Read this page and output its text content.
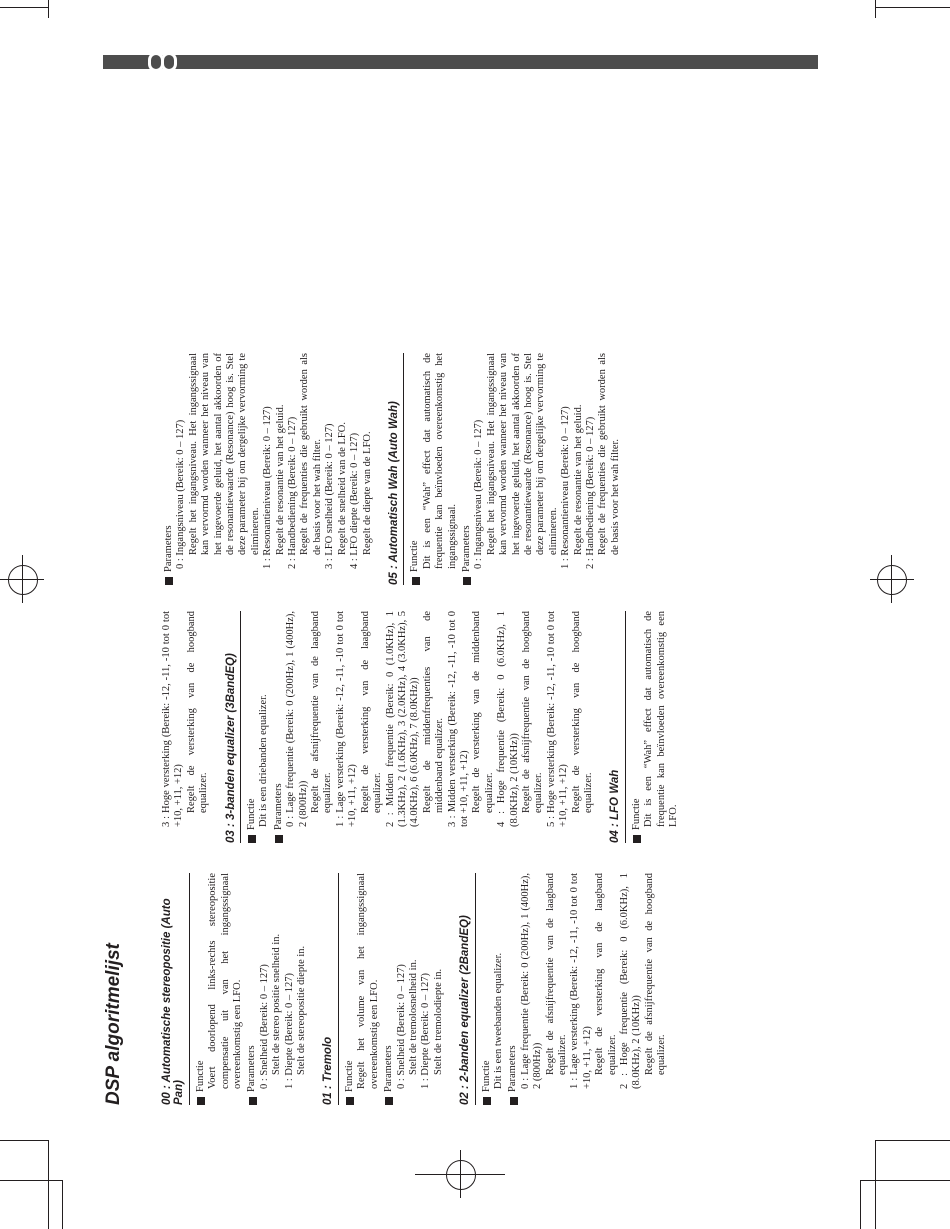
DSP algoritmelijst	00 : Automatische stereopositie (Auto Pan)
Functie Voert doorlopend links-rechts stereopositie compensatie uit van het ingangssignaal overeenkomstig een LFO. Parameters 0 : Snelheid (Bereik: 0 – 127) Stelt de stereo positie snelheid in. 1 : Diepte (Bereik: 0 – 127) Stelt de stereopositie diepte in. 01 : Tremolo Functie Regelt het volume van het ingangssignaal overeenkomstig een LFO. Parameters 0 : Snelheid (Bereik: 0 – 127) Stelt de tremolosnelheid in. 1 : Diepte (Bereik: 0 – 127) Stelt de tremolodiepte in. 02 : 2-banden equalizer (2BandEQ) Functie Dit is een tweebanden equalizer. Parameters 0 : Lage frequentie (Bereik: 0 (200Hz), 1 (400Hz), 2 (800Hz)) Regelt de afsnijfrequentie van de laagband equalizer. 1 : Lage versterking (Bereik: -12, -11, -10 tot 0 tot +10, +11, +12) Regelt de versterking van de laagband equalizer. 2 : Hoge frequentie (Bereik: 0 (6.0KHz), 1 (8.0KHz), 2 (10KHz)) Regelt de afsnijfrequentie van de hoogband equalizer.
3 : Hoge versterking (Bereik: -12, -11, -10 tot 0 tot +10, +11, +12) Regelt de versterking van de hoogband equalizer. 03 : 3-banden equalizer (3BandEQ) Functie Dit is een driebanden equalizer. Parameters 0 : Lage frequentie (Bereik: 0 (200Hz), 1 (400Hz), 2 (800Hz)) Regelt de afsnijfrequentie van de laagband equalizer. 1 : Lage versterking (Bereik: -12, -11, -10 tot 0 tot +10, +11, +12) Regelt de versterking van de laagband equalizer. 2 : Midden frequentie (Bereik: 0 (1.0KHz), 1 (1.3KHz), 2 (1.6KHz), 3 (2.0KHz), 4 (3.0KHz), 5 (4.0KHz), 6 (6.0KHz), 7 (8.0KHz)) Regelt de middenfrequenties van de middenband equalizer. 3 : Midden versterking (Bereik: -12, -11, -10 tot 0 tot +10, +11, +12) Regelt de versterking van de middenband equalizer. 4 : Hoge frequentie (Bereik: 0 (6.0KHz), 1 (8.0KHz), 2 (10KHz)) Regelt de afsnijfrequentie van de hoogband equalizer. 5 : Hoge versterking (Bereik: -12, -11, -10 tot 0 tot +10, +11, +12) Regelt de versterking van de hoogband equalizer. 04 : LFO Wah Functie Dit is een “Wah” effect dat automatisch de frequentie kan beïnvloeden overeenkomstig een LFO.

Parameters 0 : Ingangsniveau (Bereik: 0 – 127) Regelt het ingangsniveau. Het ingangssignaal kan vervormd worden wanneer het niveau van het ingevoerde geluid, het aantal akkoorden of de resonantiewaarde (Resonance) hoog is. Stel deze parameter bij om dergelijke vervorming te elimineren. 1 : Resonantieniveau (Bereik: 0 – 127) Regelt de resonantie van het geluid. 2 : Handbediening (Bereik: 0 – 127) Regelt de frequenties die gebruikt worden als de basis voor het wah filter. 3 : LFO snelheid (Bereik: 0 – 127) Regelt de snelheid van de LFO. 4 : LFO diepte (Bereik: 0 – 127) Regelt de diepte van de LFO. 05 : Automatisch Wah (Auto Wah) Functie Dit is een “Wah” effect dat automatisch de frequentie kan beïnvloeden overeenkomstig het ingangssignaal. Parameters 0 : Ingangsniveau (Bereik: 0 – 127) Regelt het ingangsniveau. Het ingangssignaal kan vervormd worden wanneer het niveau van het ingevoerde geluid, het aantal akkoorden of de resonantiewaarde (Resonance) hoog is. Stel deze parameter bij om dergelijke vervorming te elimineren. 1 : Resonantieniveau (Bereik: 0 – 127) Regelt de resonantie van het geluid. 2 : Handbediening (Bereik: 0 – 127) Regelt de frequenties die gebruikt worden als de basis voor het wah filter.
